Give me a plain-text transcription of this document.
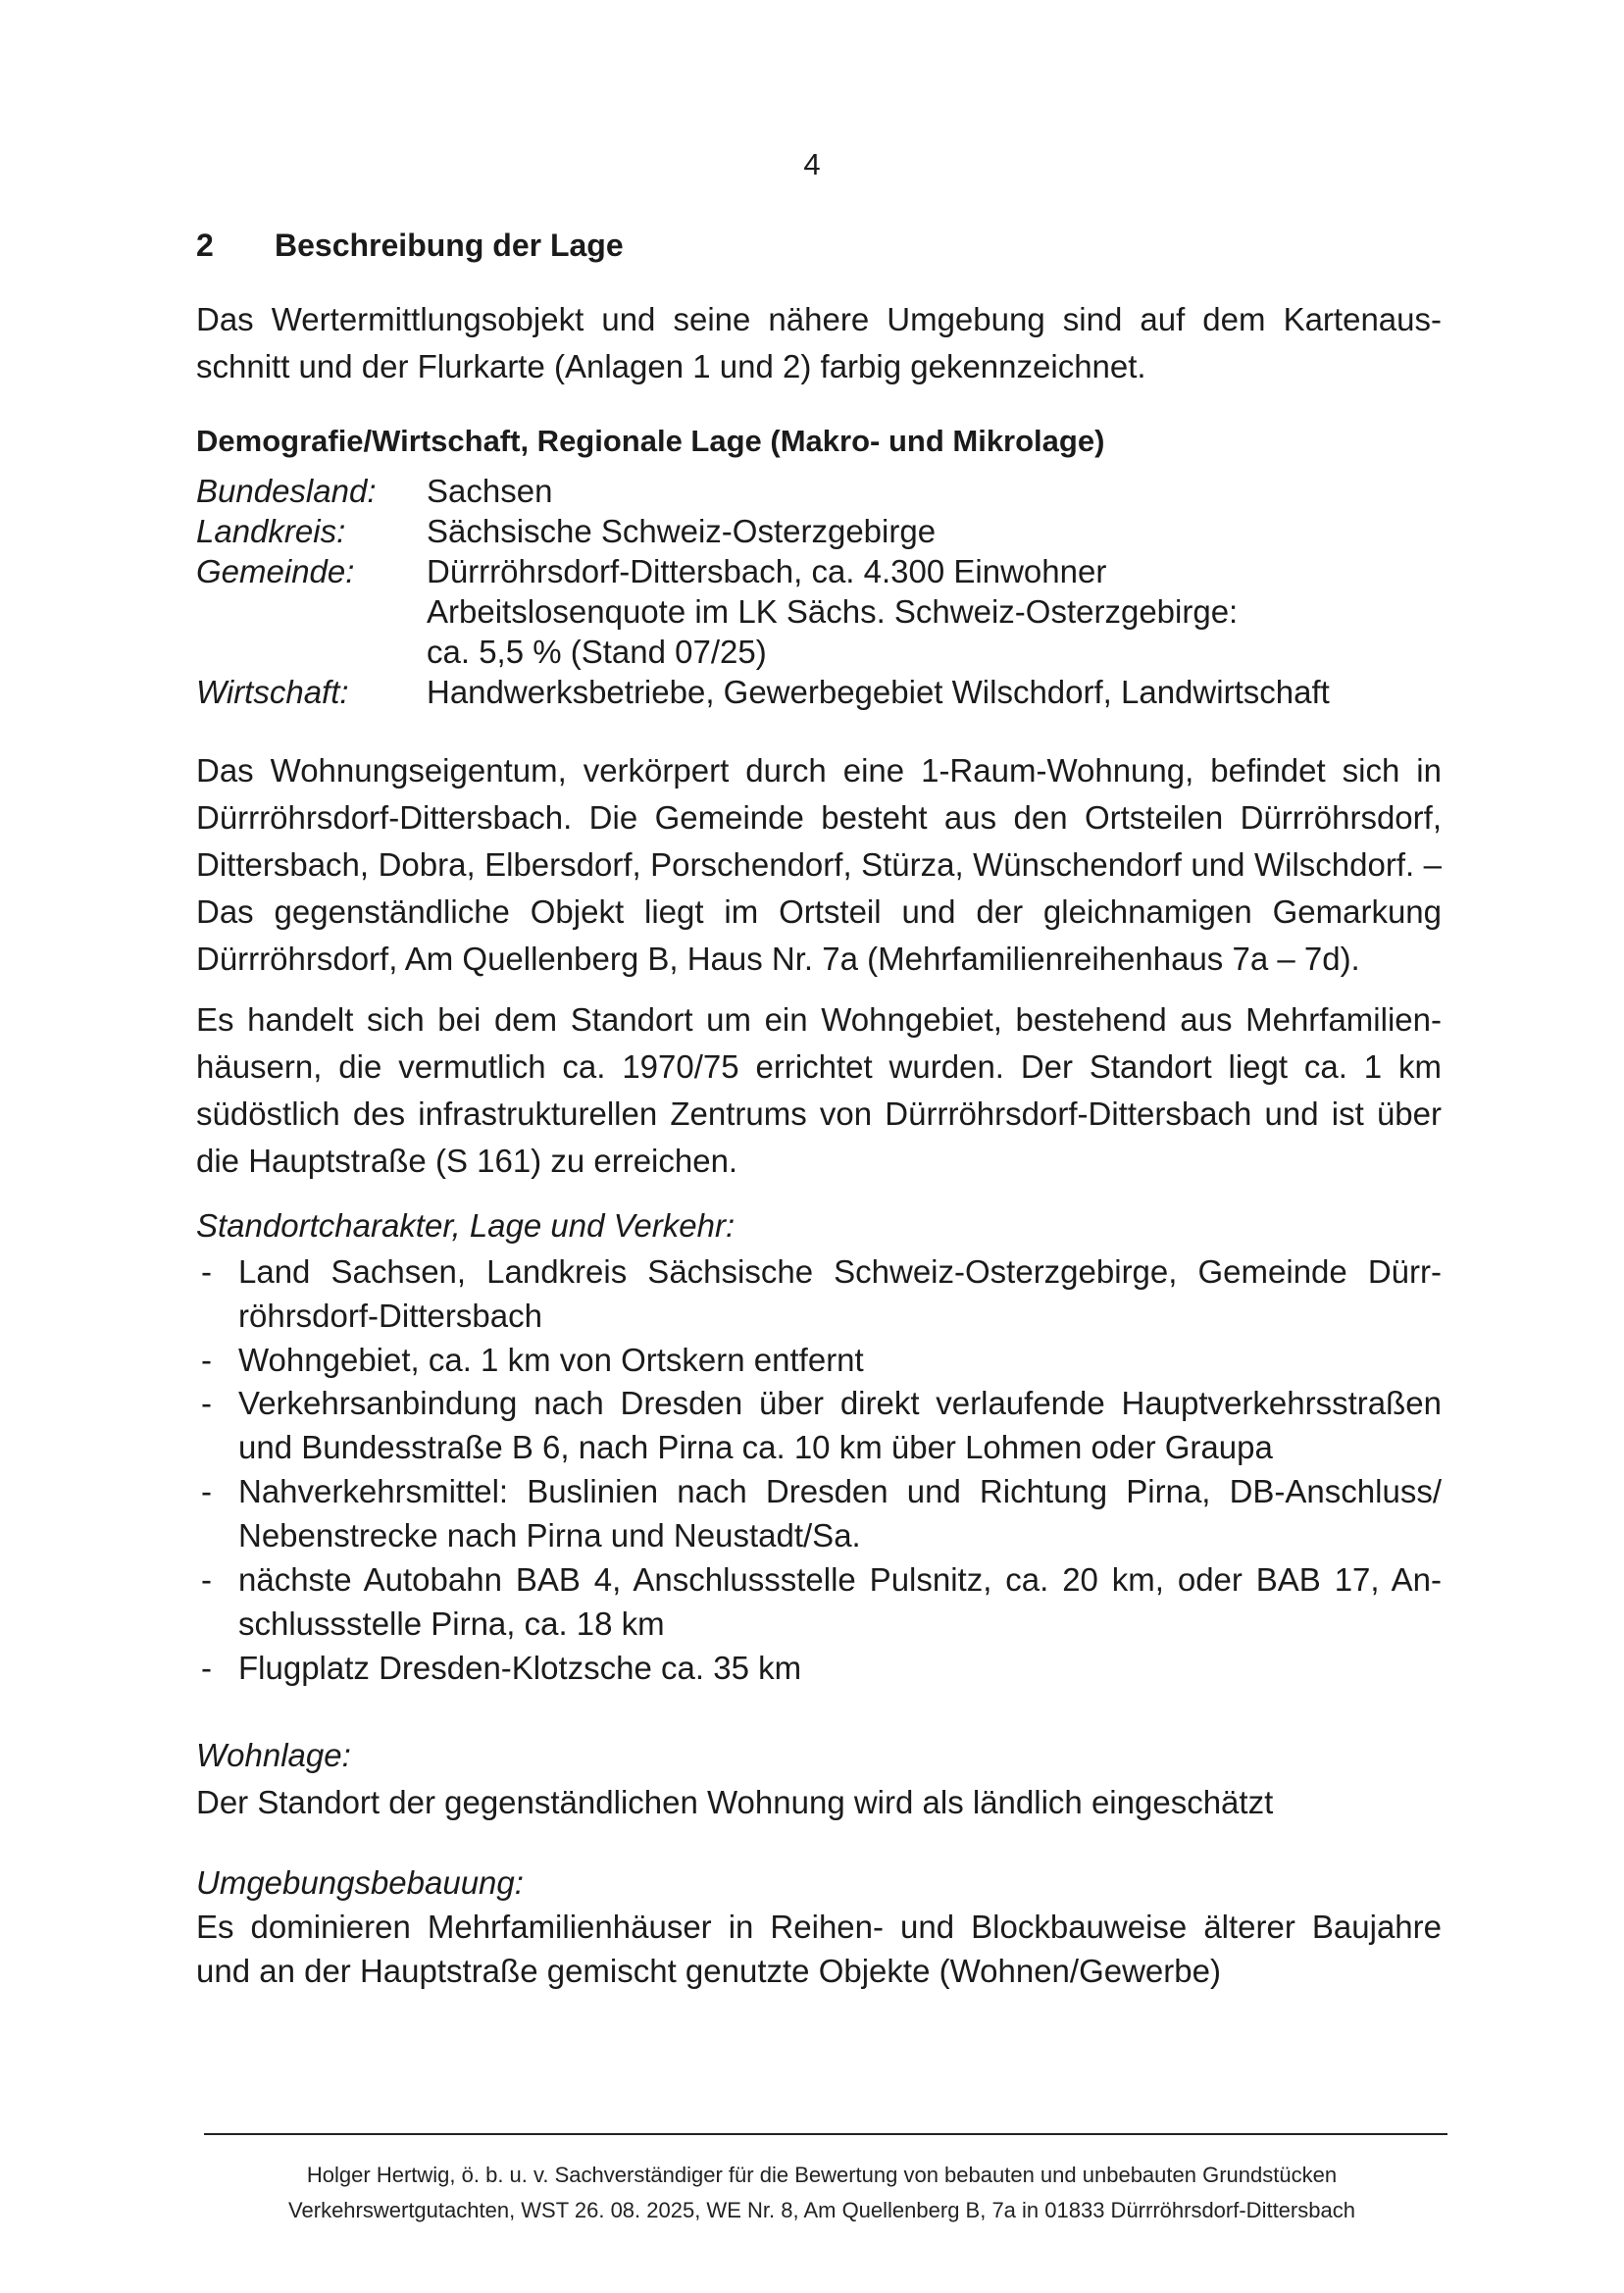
4
2 Beschreibung der Lage
Das Wertermittlungsobjekt und seine nähere Umgebung sind auf dem Kartenaus-
schnitt und der Flurkarte (Anlagen 1 und 2) farbig gekennzeichnet.
Demografie/Wirtschaft, Regionale Lage (Makro- und Mikrolage)
Bundesland:	Sachsen
Landkreis:	Sächsische Schweiz-Osterzgebirge
Gemeinde:	Dürrröhrsdorf-Dittersbach, ca. 4.300 Einwohner
Arbeitslosenquote im LK Sächs. Schweiz-Osterzgebirge:
ca. 5,5 % (Stand 07/25)
Wirtschaft:	Handwerksbetriebe, Gewerbegebiet Wilschdorf, Landwirtschaft
Das Wohnungseigentum, verkörpert durch eine 1-Raum-Wohnung, befindet sich in
Dürrröhrsdorf-Dittersbach. Die Gemeinde besteht aus den Ortsteilen Dürrröhrsdorf,
Dittersbach, Dobra, Elbersdorf, Porschendorf, Stürza, Wünschendorf und Wilschdorf. –
Das gegenständliche Objekt liegt im Ortsteil und der gleichnamigen Gemarkung
Dürrröhrsdorf, Am Quellenberg B, Haus Nr. 7a (Mehrfamilienreihenhaus 7a – 7d).
Es handelt sich bei dem Standort um ein Wohngebiet, bestehend aus Mehrfamilien-
häusern, die vermutlich ca. 1970/75 errichtet wurden. Der Standort liegt ca. 1 km
südöstlich des infrastrukturellen Zentrums von Dürrröhrsdorf-Dittersbach und ist über
die Hauptstraße (S 161) zu erreichen.
Standortcharakter, Lage und Verkehr:
- Land Sachsen, Landkreis Sächsische Schweiz-Osterzgebirge, Gemeinde Dürr-
röhrsdorf-Dittersbach
- Wohngebiet, ca. 1 km von Ortskern entfernt
- Verkehrsanbindung nach Dresden über direkt verlaufende Hauptverkehrsstraßen
und Bundesstraße B 6, nach Pirna ca. 10 km über Lohmen oder Graupa
- Nahverkehrsmittel: Buslinien nach Dresden und Richtung Pirna, DB-Anschluss/
Nebenstrecke nach Pirna und Neustadt/Sa.
- nächste Autobahn BAB 4, Anschlussstelle Pulsnitz, ca. 20 km, oder BAB 17, An-
schlussstelle Pirna, ca. 18 km
- Flugplatz Dresden-Klotzsche ca. 35 km
Wohnlage:
Der Standort der gegenständlichen Wohnung wird als ländlich eingeschätzt
Umgebungsbebauung:
Es dominieren Mehrfamilienhäuser in Reihen- und Blockbauweise älterer Baujahre
und an der Hauptstraße gemischt genutzte Objekte (Wohnen/Gewerbe)
Holger Hertwig, ö. b. u. v. Sachverständiger für die Bewertung von bebauten und unbebauten Grundstücken
Verkehrswertgutachten, WST 26. 08. 2025, WE Nr. 8, Am Quellenberg B, 7a in 01833 Dürrröhrsdorf-Dittersbach
